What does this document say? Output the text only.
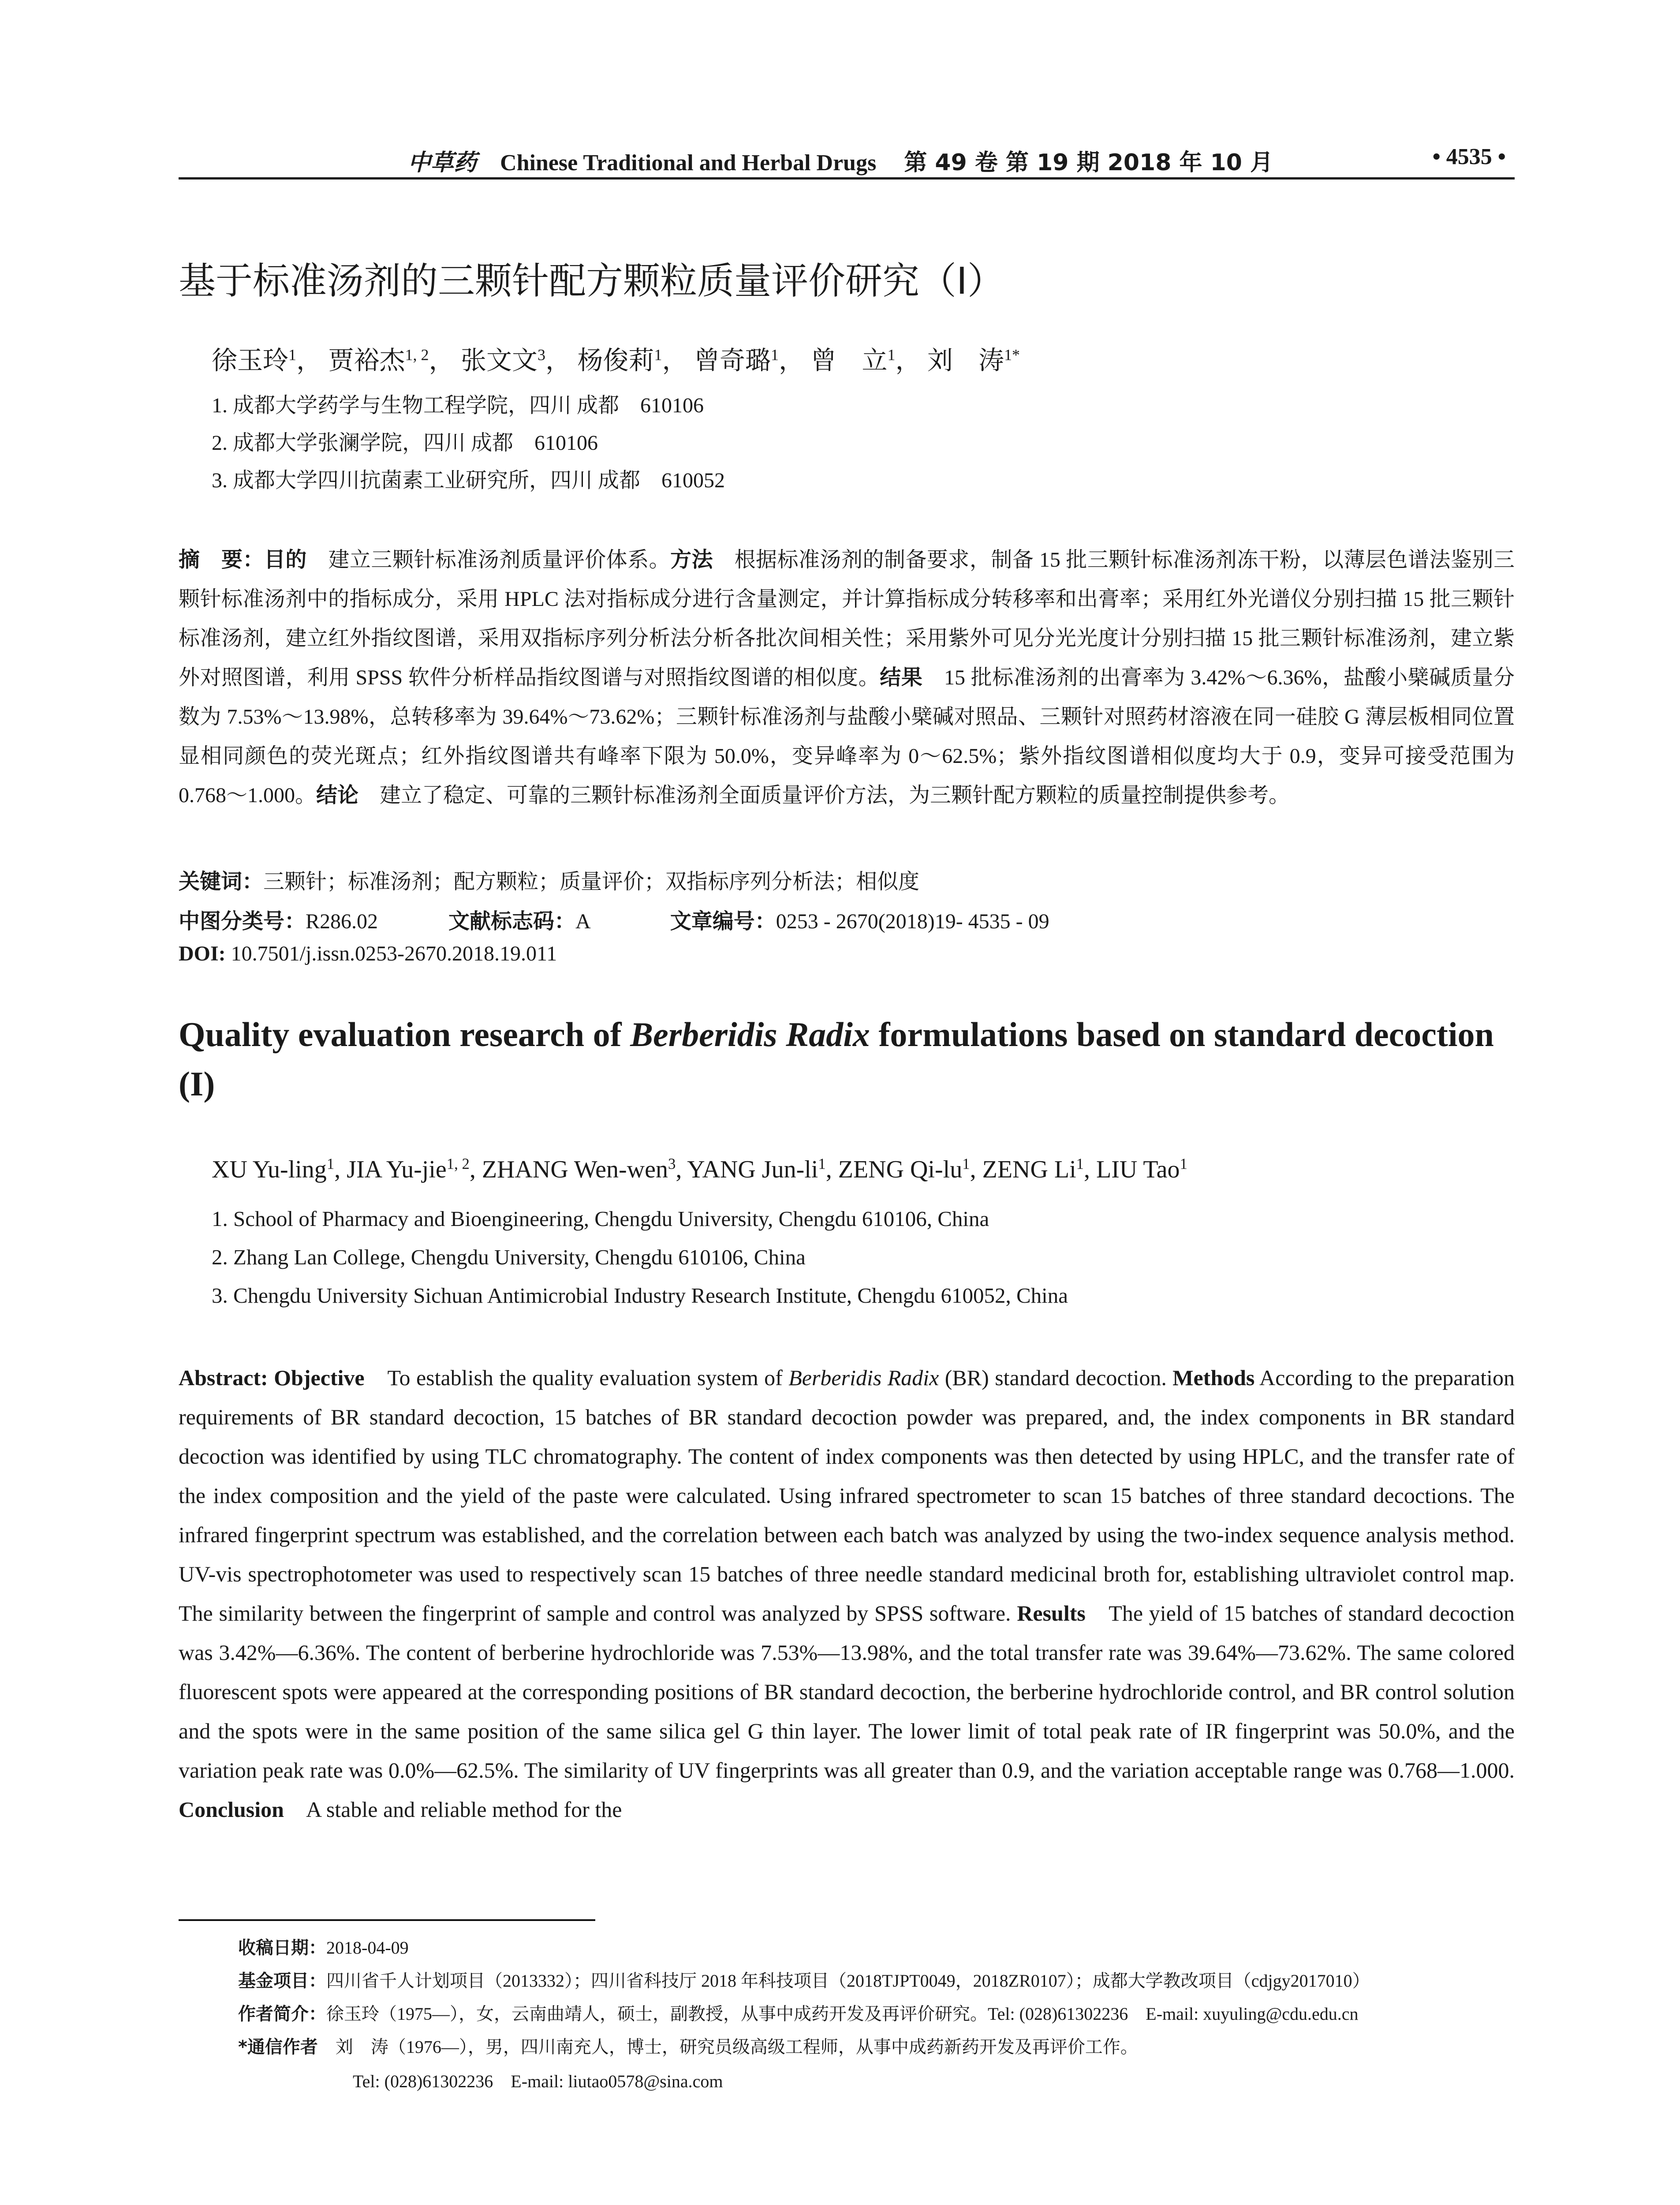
中草药 Chinese Traditional and Herbal Drugs 第 49 卷 第 19 期 2018 年 10 月	• 4535 •
基于标准汤剂的三颗针配方颗粒质量评价研究（I）
徐玉玲$^1$， 贾裕杰$^{1, 2}$， 张文文$^3$， 杨俊莉$^1$， 曾奇璐$^1$， 曾　立$^1$， 刘　涛$^{1*}$
1. 成都大学药学与生物工程学院，四川 成都　610106
2. 成都大学张澜学院，四川 成都　610106
3. 成都大学四川抗菌素工业研究所，四川 成都　610052
摘　要：目的　建立三颗针标准汤剂质量评价体系。方法　根据标准汤剂的制备要求，制备 15 批三颗针标准汤剂冻干粉，以薄层色谱法鉴别三颗针标准汤剂中的指标成分，采用 HPLC 法对指标成分进行含量测定，并计算指标成分转移率和出膏率；采用红外光谱仪分别扫描 15 批三颗针标准汤剂，建立红外指纹图谱，采用双指标序列分析法分析各批次间相关性；采用紫外可见分光光度计分别扫描 15 批三颗针标准汤剂，建立紫外对照图谱，利用 SPSS 软件分析样品指纹图谱与对照指纹图谱的相似度。结果　15 批标准汤剂的出膏率为 3.42%～6.36%，盐酸小檗碱质量分数为 7.53%～13.98%，总转移率为 39.64%～73.62%；三颗针标准汤剂与盐酸小檗碱对照品、三颗针对照药材溶液在同一硅胶 G 薄层板相同位置显相同颜色的荧光斑点；红外指纹图谱共有峰率下限为 50.0%，变异峰率为 0～62.5%；紫外指纹图谱相似度均大于 0.9，变异可接受范围为 0.768～1.000。结论　建立了稳定、可靠的三颗针标准汤剂全面质量评价方法，为三颗针配方颗粒的质量控制提供参考。
关键词：三颗针；标准汤剂；配方颗粒；质量评价；双指标序列分析法；相似度
中图分类号：R286.02	文献标志码：A	文章编号：0253 - 2670(2018)19- 4535 - 09
DOI: 10.7501/j.issn.0253-2670.2018.19.011
Quality evaluation research of Berberidis Radix formulations based on standard decoction (I)
XU Yu-ling$^1$, JIA Yu-jie$^{1, 2}$, ZHANG Wen-wen$^3$, YANG Jun-$li^1$, ZENG $Qi-lu^1$, ZENG Li$^1$, LIU Tao$^1$
1. School of Pharmacy and Bioengineering, Chengdu University, Chengdu 610106, China
2. Zhang Lan College, Chengdu University, Chengdu 610106, China
3. Chengdu University Sichuan Antimicrobial Industry Research Institute, Chengdu 610052, China
Abstract: Objective　To establish the quality evaluation system of Berberidis Radix (BR) standard decoction. Methods According to the preparation requirements of BR standard decoction, 15 batches of BR standard decoction powder was prepared, and, the index components in BR standard decoction was identified by using TLC chromatography. The content of index components was then detected by using HPLC, and the transfer rate of the index composition and the yield of the paste were calculated. Using infrared spectrometer to scan 15 batches of three standard decoctions. The infrared fingerprint spectrum was established, and the correlation between each batch was analyzed by using the two-index sequence analysis method. UV-vis spectrophotometer was used to respectively scan 15 batches of three needle standard medicinal broth for, establishing ultraviolet control map. The similarity between the fingerprint of sample and control was analyzed by SPSS software. Results　The yield of 15 batches of standard decoction was 3.42%—6.36%. The content of berberine hydrochloride was 7.53%—13.98%, and the total transfer rate was 39.64%—73.62%. The same colored fluorescent spots were appeared at the corresponding positions of BR standard decoction, the berberine hydrochloride control, and BR control solution and the spots were in the same position of the same silica gel G thin layer. The lower limit of total peak rate of IR fingerprint was 50.0%, and the variation peak rate was 0.0%—62.5%. The similarity of UV fingerprints was all greater than 0.9, and the variation acceptable range was 0.768—1.000. Conclusion　A stable and reliable method for the
收稿日期：2018-04-09
基金项目：四川省千人计划项目（2013332）；四川省科技厅 2018 年科技项目（2018TJPT0049，2018ZR0107）；成都大学教改项目（cdjgy2017010）
作者简介：徐玉玲（1975—），女，云南曲靖人，硕士，副教授，从事中成药开发及再评价研究。Tel: (028)61302236　E-mail: xuyuling@cdu.edu.cn
*通信作者　刘　涛（1976—），男，四川南充人，博士，研究员级高级工程师，从事中成药新药开发及再评价工作。
Tel: (028)61302236　E-mail: liutao0578@sina.com
